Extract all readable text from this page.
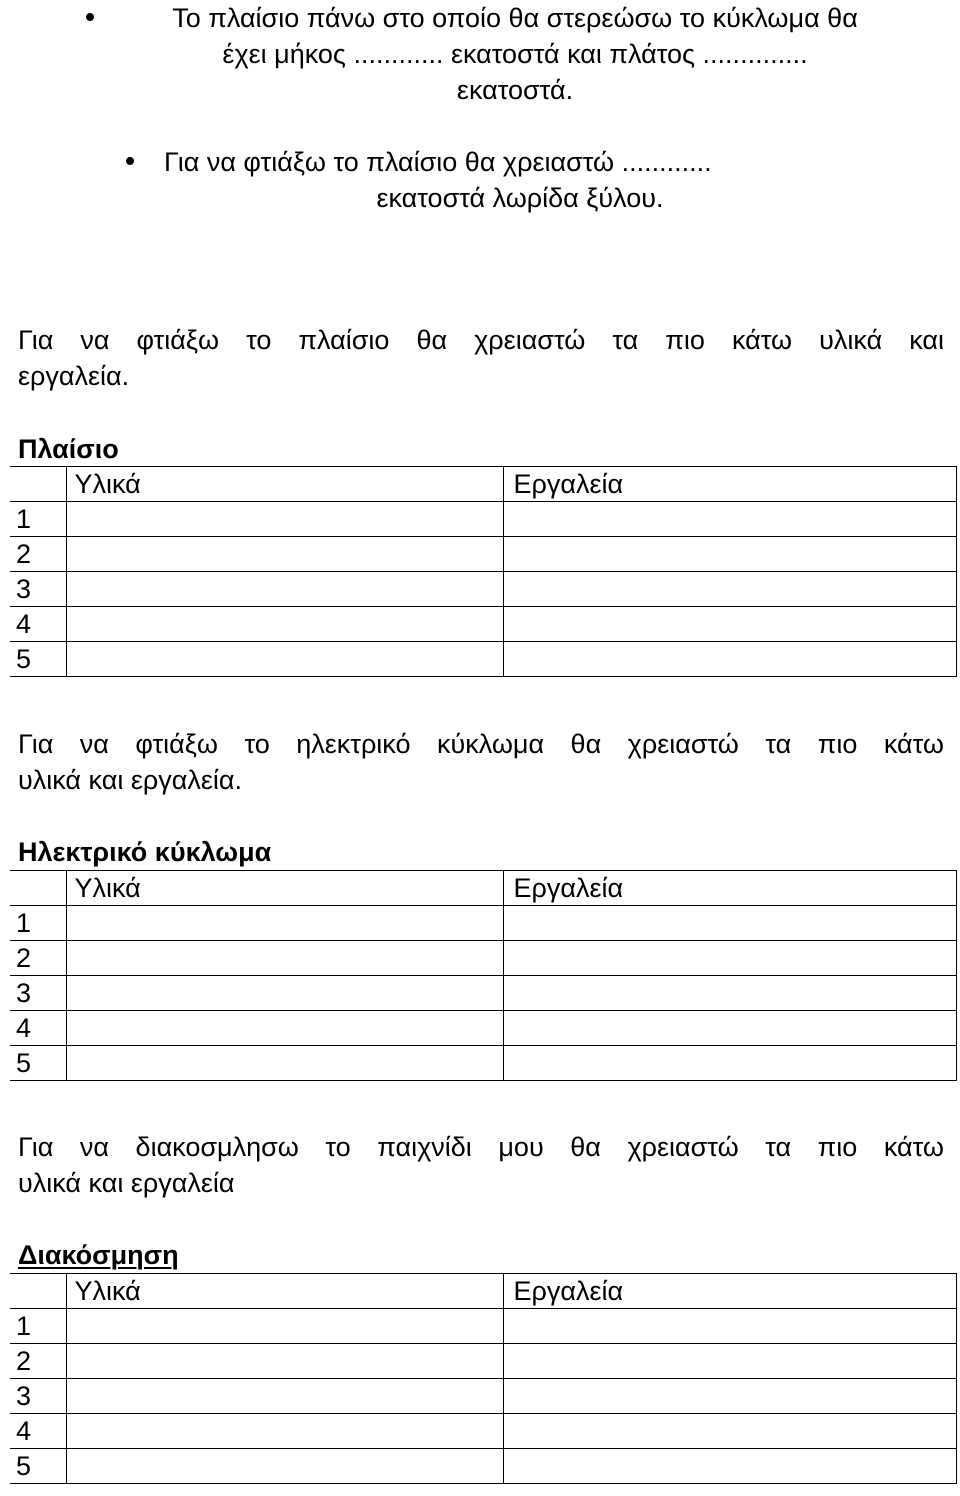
Το πλαίσιο πάνω στο οποίο θα στερεώσω το κύκλωμα θα
έχει μήκος ............ εκατοστά και πλάτος ..............
εκατοστά.
Για να φτιάξω το πλαίσιο θα χρειαστώ ............
εκατοστά λωρίδα ξύλου.
Για να φτιάξω το πλαίσιο θα χρειαστώ τα πιο κάτω υλικά και
εργαλεία.
Πλαίσιο
	Υλικά	Εργαλεία
1		
2		
3		
4		
5		
Για να φτιάξω το ηλεκτρικό κύκλωμα θα χρειαστώ τα πιο κάτω
υλικά και εργαλεία.
Ηλεκτρικό κύκλωμα
	Υλικά	Εργαλεία
1		
2		
3		
4		
5		
Για να διακοσμλησω το παιχνίδι μου θα χρειαστώ τα πιο κάτω
υλικά και εργαλεία
Διακόσμηση
	Υλικά	Εργαλεία
1		
2		
3		
4		
5		
